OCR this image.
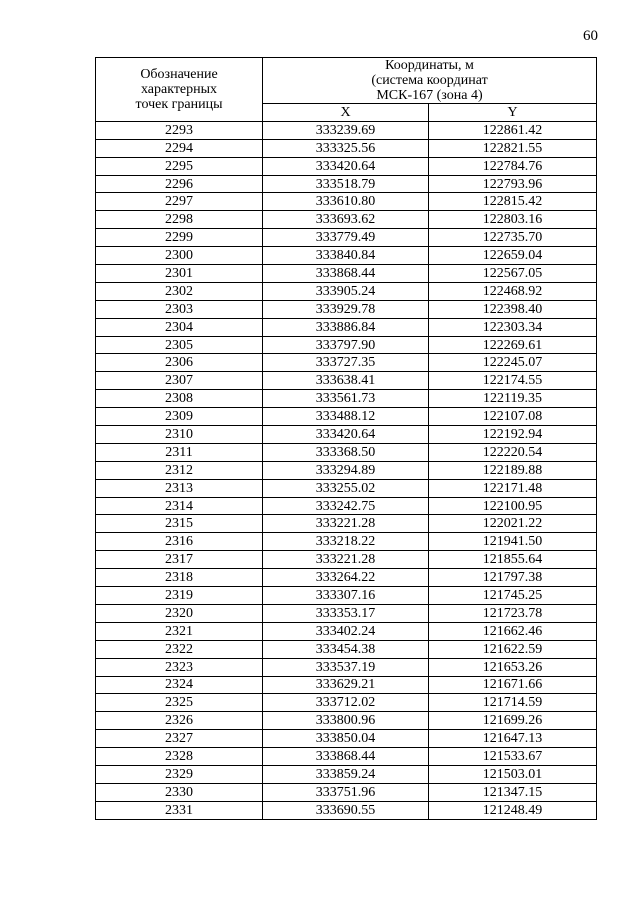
60
Обозначение
характерных
точек границы	Координаты, м
(система координат
МСК-167 (зона 4)	

	X	Y
2293	333239.69	122861.42
2294	333325.56	122821.55
2295	333420.64	122784.76
2296	333518.79	122793.96
2297	333610.80	122815.42
2298	333693.62	122803.16
2299	333779.49	122735.70
2300	333840.84	122659.04
2301	333868.44	122567.05
2302	333905.24	122468.92
2303	333929.78	122398.40
2304	333886.84	122303.34
2305	333797.90	122269.61
2306	333727.35	122245.07
2307	333638.41	122174.55
2308	333561.73	122119.35
2309	333488.12	122107.08
2310	333420.64	122192.94
2311	333368.50	122220.54
2312	333294.89	122189.88
2313	333255.02	122171.48
2314	333242.75	122100.95
2315	333221.28	122021.22
2316	333218.22	121941.50
2317	333221.28	121855.64
2318	333264.22	121797.38
2319	333307.16	121745.25
2320	333353.17	121723.78
2321	333402.24	121662.46
2322	333454.38	121622.59
2323	333537.19	121653.26
2324	333629.21	121671.66
2325	333712.02	121714.59
2326	333800.96	121699.26
2327	333850.04	121647.13
2328	333868.44	121533.67
2329	333859.24	121503.01
2330	333751.96	121347.15
2331	333690.55	121248.49
